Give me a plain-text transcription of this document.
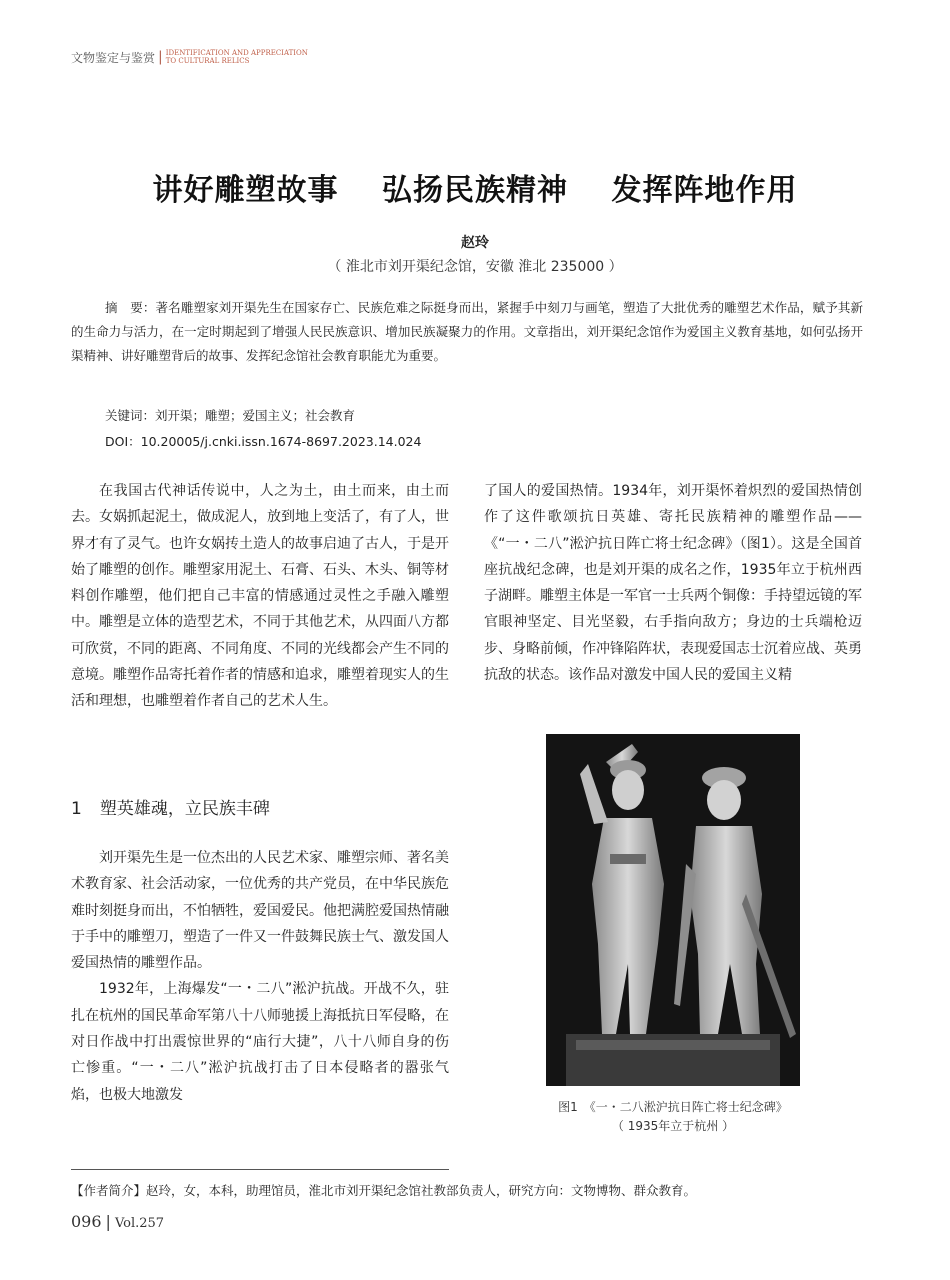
文物鉴定与鉴赏 | IDENTIFICATION AND APPRECIATION
TO CULTURAL RELICS
讲好雕塑故事 弘扬民族精神 发挥阵地作用
赵玲
（ 淮北市刘开渠纪念馆，安徽 淮北 235000 ）
摘　要：著名雕塑家刘开渠先生在国家存亡、民族危难之际挺身而出，紧握手中刻刀与画笔，塑造了大批优秀的雕塑艺术作品，赋予其新的生命力与活力，在一定时期起到了增强人民民族意识、增加民族凝聚力的作用。文章指出，刘开渠纪念馆作为爱国主义教育基地，如何弘扬开渠精神、讲好雕塑背后的故事、发挥纪念馆社会教育职能尤为重要。
关键词：刘开渠；雕塑；爱国主义；社会教育
DOI：10.20005/j.cnki.issn.1674-8697.2023.14.024

在我国古代神话传说中，人之为土，由土而来，由土而去。女娲抓起泥土，做成泥人，放到地上变活了，有了人，世界才有了灵气。也许女娲抟土造人的故事启迪了古人，于是开始了雕塑的创作。雕塑家用泥土、石膏、石头、木头、铜等材料创作雕塑，他们把自己丰富的情感通过灵性之手融入雕塑中。雕塑是立体的造型艺术，不同于其他艺术，从四面八方都可欣赏，不同的距离、不同角度、不同的光线都会产生不同的意境。雕塑作品寄托着作者的情感和追求，雕塑着现实人的生活和理想，也雕塑着作者自己的艺术人生。

1 塑英雄魂，立民族丰碑

刘开渠先生是一位杰出的人民艺术家、雕塑宗师、著名美术教育家、社会活动家，一位优秀的共产党员，在中华民族危难时刻挺身而出，不怕牺牲，爱国爱民。他把满腔爱国热情融于手中的雕塑刀，塑造了一件又一件鼓舞民族士气、激发国人爱国热情的雕塑作品。

1932年，上海爆发“一・二八”淞沪抗战。开战不久，驻扎在杭州的国民革命军第八十八师驰援上海抵抗日军侵略，在对日作战中打出震惊世界的“庙行大捷”，八十八师自身的伤亡惨重。“一・二八”淞沪抗战打击了日本侵略者的嚣张气焰，也极大地激发

了国人的爱国热情。1934年，刘开渠怀着炽烈的爱国热情创作了这件歌颂抗日英雄、寄托民族精神的雕塑作品——《“一・二八”淞沪抗日阵亡将士纪念碑》（图1）。这是全国首座抗战纪念碑，也是刘开渠的成名之作，1935年立于杭州西子湖畔。雕塑主体是一军官一士兵两个铜像：手持望远镜的军官眼神坚定、目光坚毅，右手指向敌方；身边的士兵端枪迈步、身略前倾，作冲锋陷阵状，表现爱国志士沉着应战、英勇抗敌的状态。该作品对激发中国人民的爱国主义精

图1　《一・二八淞沪抗日阵亡将士纪念碑》
（ 1935年立于杭州 ）
【作者简介】赵玲，女，本科，助理馆员，淮北市刘开渠纪念馆社教部负责人，研究方向：文物博物、群众教育。
096 | Vol.257
